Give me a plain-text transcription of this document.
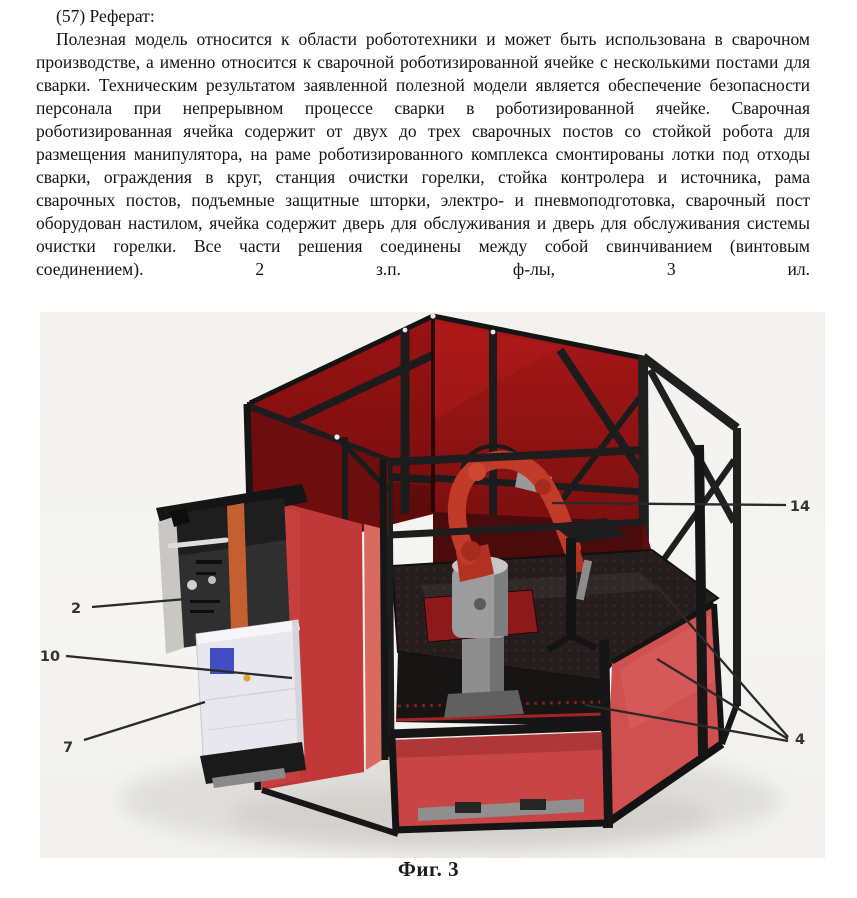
(57) Реферат:

Полезная модель относится к области робототехники и может быть использована в сварочном производстве, а именно относится к сварочной роботизированной ячейке с несколькими постами для сварки. Техническим результатом заявленной полезной модели является обеспечение безопасности персонала при непрерывном процессе сварки в роботизированной ячейке. Сварочная роботизированная ячейка содержит от двух до трех сварочных постов со стойкой робота для размещения манипулятора, на раме роботизированного комплекса смонтированы лотки под отходы сварки, ограждения в круг, станция очистки горелки, стойка контролера и источника, рама сварочных постов, подъемные защитные шторки, электро- и пневмоподготовка, сварочный пост оборудован настилом, ячейка содержит дверь для обслуживания и дверь для обслуживания системы очистки горелки. Все части решения соединены между собой свинчиванием (винтовым соединением). 2 з.п. ф-лы, 3 ил.

2
10
7
14
4
Фиг. 3
